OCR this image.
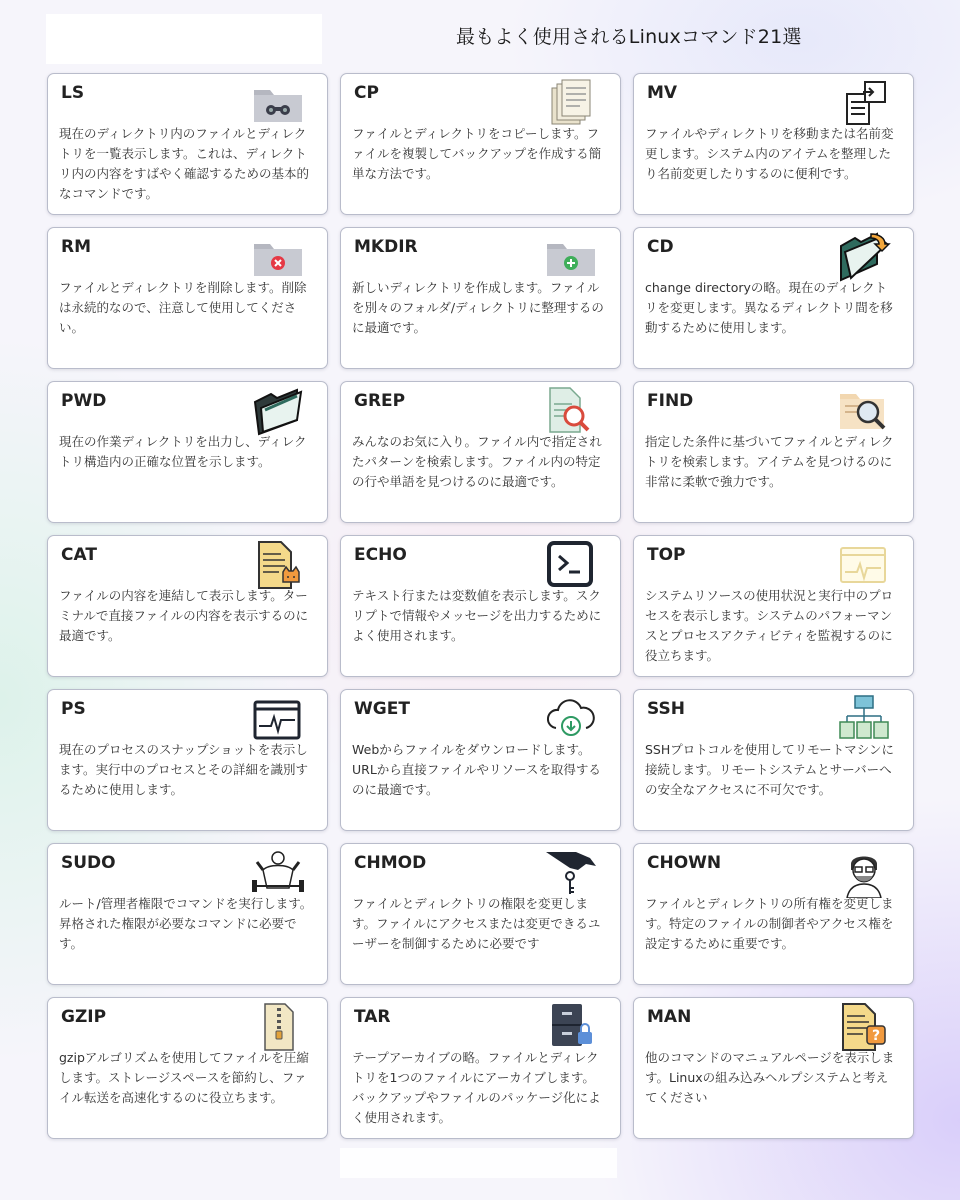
最もよく使用されるLinuxコマンド21選
LS
現在のディレクトリ内のファイルとディレクトリを一覧表示します。これは、ディレクトリ内の内容をすばやく確認するための基本的なコマンドです。
CP
ファイルとディレクトリをコピーします。ファイルを複製してバックアップを作成する簡単な方法です。
MV
ファイルやディレクトリを移動または名前変更します。システム内のアイテムを整理したり名前変更したりするのに便利です。
RM
ファイルとディレクトリを削除します。削除は永続的なので、注意して使用してください。
MKDIR
新しいディレクトリを作成します。ファイルを別々のフォルダ/ディレクトリに整理するのに最適です。
CD
change directoryの略。現在のディレクトリを変更します。異なるディレクトリ間を移動するために使用します。
PWD
現在の作業ディレクトリを出力し、ディレクトリ構造内の正確な位置を示します。
GREP
みんなのお気に入り。ファイル内で指定されたパターンを検索します。ファイル内の特定の行や単語を見つけるのに最適です。
FIND
指定した条件に基づいてファイルとディレクトリを検索します。アイテムを見つけるのに非常に柔軟で強力です。
CAT
ファイルの内容を連結して表示します。ターミナルで直接ファイルの内容を表示するのに最適です。
ECHO
テキスト行または変数値を表示します。スクリプトで情報やメッセージを出力するためによく使用されます。
TOP
システムリソースの使用状況と実行中のプロセスを表示します。システムのパフォーマンスとプロセスアクティビティを監視するのに役立ちます。
PS
現在のプロセスのスナップショットを表示します。実行中のプロセスとその詳細を識別するために使用します。
WGET
Webからファイルをダウンロードします。URLから直接ファイルやリソースを取得するのに最適です。
SSH
SSHプロトコルを使用してリモートマシンに接続します。リモートシステムとサーバーへの安全なアクセスに不可欠です。
SUDO
ルート/管理者権限でコマンドを実行します。昇格された権限が必要なコマンドに必要です。
CHMOD
ファイルとディレクトリの権限を変更します。ファイルにアクセスまたは変更できるユーザーを制御するために必要です
CHOWN
ファイルとディレクトリの所有権を変更します。特定のファイルの制御者やアクセス権を設定するために重要です。
GZIP
gzipアルゴリズムを使用してファイルを圧縮します。ストレージスペースを節約し、ファイル転送を高速化するのに役立ちます。
TAR
テープアーカイブの略。ファイルとディレクトリを1つのファイルにアーカイブします。バックアップやファイルのパッケージ化によく使用されます。
MAN
?
他のコマンドのマニュアルページを表示します。Linuxの組み込みヘルプシステムと考えてください
